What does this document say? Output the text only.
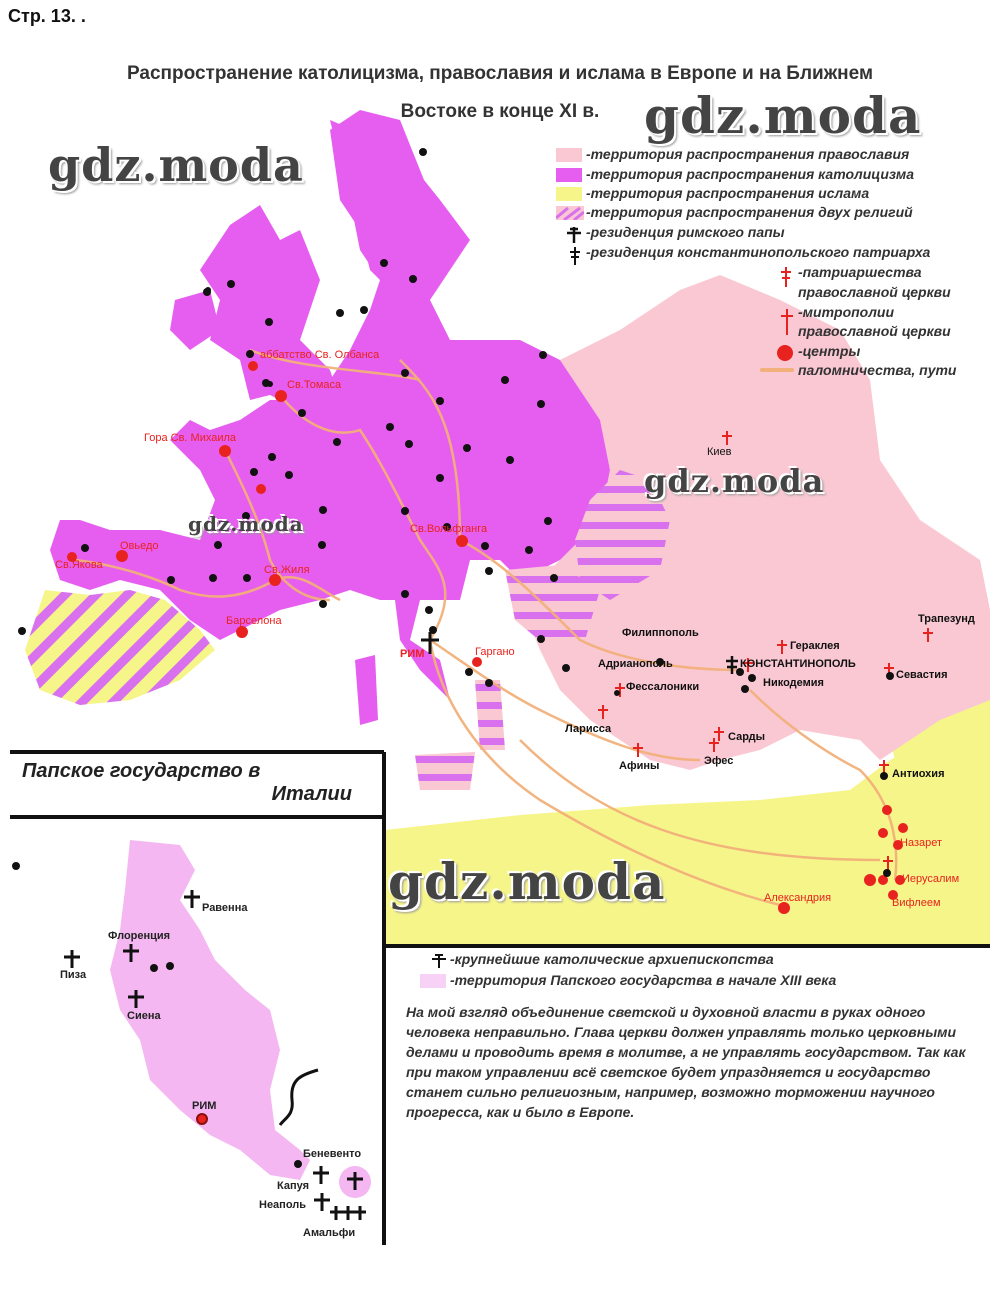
Стр. 13. .
Распространение католицизма, православия и ислама в Европе и на Ближнем
Востоке в конце XI в.
аббатство Св. Олбанса
Св.Томаса
Гора Св. Михаила
Овьедо
Св.Якова	Св.Жиля
Барселона
Св.Вольфганга
РИМ	Гаргано
Киев
Филиппополь
Адрианополь	КОНСТАНТИНОПОЛЬ
Гераклея
Никодемия
Фессалоники
Ларисса
Афины
Сарды
Эфес
Трапезунд
Севастия
Антиохия
Назарет
Иерусалим
Вифлеем
Александрия
Равенна
Флоренция
Пиза
Сиена
РИМ
Беневенто
Капуя
Неаполь
Амальфи
gdz.moda
gdz.moda
gdz.moda
gdz.moda
gdz.moda
-территория распространения православия
-территория распространения католицизма
-территория распространения ислама
-территория распространения двух религий
-резиденция римского папы
-резиденция константинопольского патриарха
-патриаршества
православной церкви
-митрополии
православной церкви
-центры
паломничества, пути
Папское государство в
Италии
-крупнейшие католические архиепископства
-территория Папского государства в начале XIII века
На мой взгляд объединение светской и духовной власти в руках одного человека неправильно. Глава церкви должен управлять только церковными делами и проводить время в молитве, а не управлять государством. Так как при таком управлении всё светское будет упраздняется и государство станет сильно религиозным, например, возможно торможении научного прогресса, как и было в Европе.
